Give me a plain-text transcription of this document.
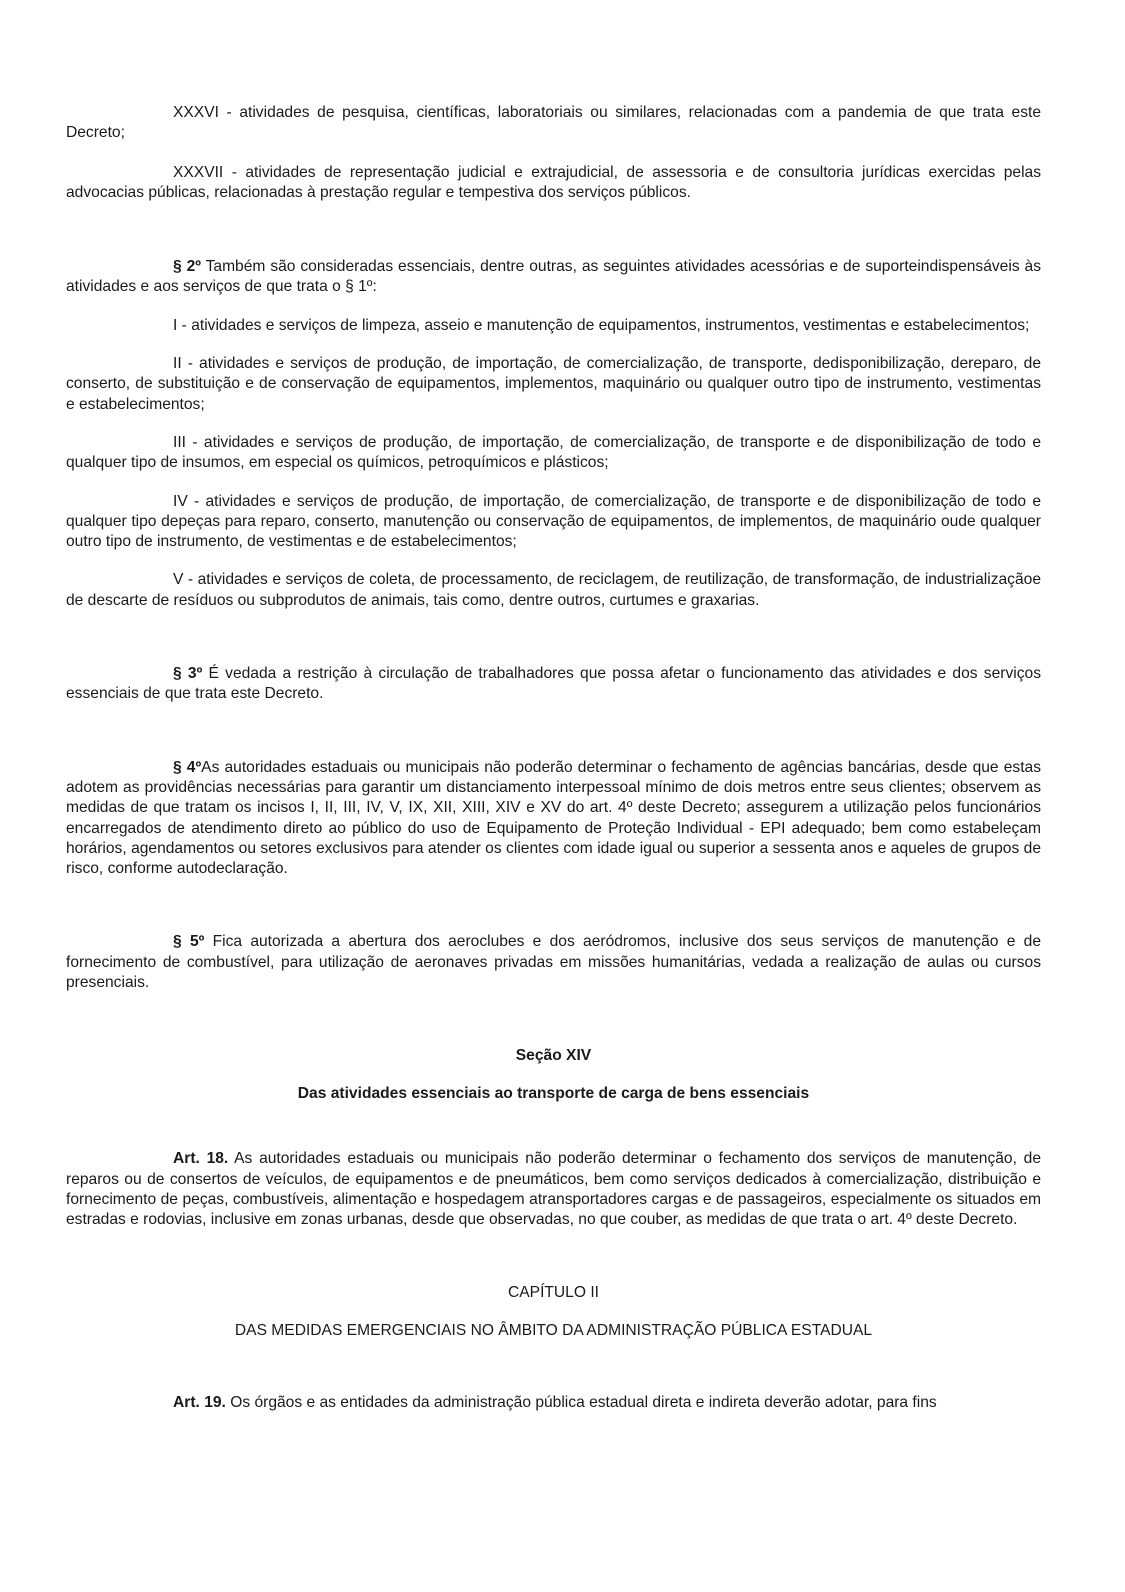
XXXVI - atividades de pesquisa, científicas, laboratoriais ou similares, relacionadas com a pandemia de que trata este Decreto;

XXXVII - atividades de representação judicial e extrajudicial, de assessoria e de consultoria jurídicas exercidas pelas advocacias públicas, relacionadas à prestação regular e tempestiva dos serviços públicos.

§ 2º Também são consideradas essenciais, dentre outras, as seguintes atividades acessórias e de suporteindispensáveis às atividades e aos serviços de que trata o § 1º:

I - atividades e serviços de limpeza, asseio e manutenção de equipamentos, instrumentos, vestimentas e estabelecimentos;

II - atividades e serviços de produção, de importação, de comercialização, de transporte, dedisponibilização, dereparo, de conserto, de substituição e de conservação de equipamentos, implementos, maquinário ou qualquer outro tipo de instrumento, vestimentas e estabelecimentos;

III - atividades e serviços de produção, de importação, de comercialização, de transporte e de disponibilização de todo e qualquer tipo de insumos, em especial os químicos, petroquímicos e plásticos;

IV - atividades e serviços de produção, de importação, de comercialização, de transporte e de disponibilização de todo e qualquer tipo depeças para reparo, conserto, manutenção ou conservação de equipamentos, de implementos, de maquinário oude qualquer outro tipo de instrumento, de vestimentas e de estabelecimentos;

V - atividades e serviços de coleta, de processamento, de reciclagem, de reutilização, de transformação, de industrializaçãoe de descarte de resíduos ou subprodutos de animais, tais como, dentre outros, curtumes e graxarias.

§ 3º É vedada a restrição à circulação de trabalhadores que possa afetar o funcionamento das atividades e dos serviços essenciais de que trata este Decreto.

§ 4ºAs autoridades estaduais ou municipais não poderão determinar o fechamento de agências bancárias, desde que estas adotem as providências necessárias para garantir um distanciamento interpessoal mínimo de dois metros entre seus clientes; observem as medidas de que tratam os incisos I, II, III, IV, V, IX, XII, XIII, XIV e XV do art. 4º deste Decreto; assegurem a utilização pelos funcionários encarregados de atendimento direto ao público do uso de Equipamento de Proteção Individual - EPI adequado; bem como estabeleçam horários, agendamentos ou setores exclusivos para atender os clientes com idade igual ou superior a sessenta anos e aqueles de grupos de risco, conforme autodeclaração.

§ 5º Fica autorizada a abertura dos aeroclubes e dos aeródromos, inclusive dos seus serviços de manutenção e de fornecimento de combustível, para utilização de aeronaves privadas em missões humanitárias, vedada a realização de aulas ou cursos presenciais.

Seção XIV

Das atividades essenciais ao transporte de carga de bens essenciais

Art. 18. As autoridades estaduais ou municipais não poderão determinar o fechamento dos serviços de manutenção, de reparos ou de consertos de veículos, de equipamentos e de pneumáticos, bem como serviços dedicados à comercialização, distribuição e fornecimento de peças, combustíveis, alimentação e hospedagem atransportadores cargas e de passageiros, especialmente os situados em estradas e rodovias, inclusive em zonas urbanas, desde que observadas, no que couber, as medidas de que trata o art. 4º deste Decreto.

CAPÍTULO II

DAS MEDIDAS EMERGENCIAIS NO ÂMBITO DA ADMINISTRAÇÃO PÚBLICA ESTADUAL

Art. 19. Os órgãos e as entidades da administração pública estadual direta e indireta deverão adotar, para fins
